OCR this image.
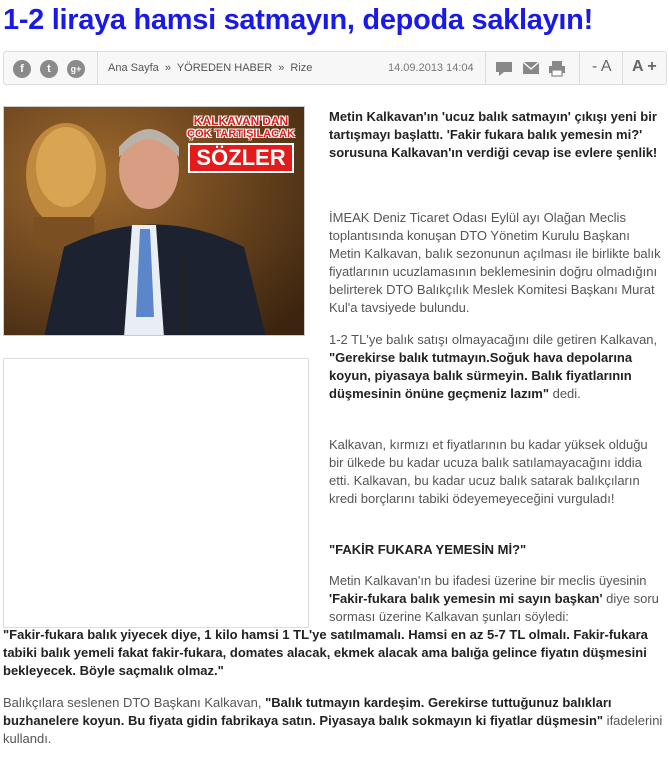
1-2 liraya hamsi satmayın, depoda saklayın!
f	t	g+	Ana Sayfa » YÖREDEN HABER » Rize	14.09.2013 14:04	- A A +
KALKAVAN'DAN
ÇOK TARTIŞILACAK
SÖZLER
Metin Kalkavan'ın 'ucuz balık satmayın' çıkışı yeni bir tartışmayı başlattı. 'Fakir fukara balık yemesin mi?' sorusuna Kalkavan'ın verdiği cevap ise evlere şenlik!
İMEAK Deniz Ticaret Odası Eylül ayı Olağan Meclis toplantısında konuşan DTO Yönetim Kurulu Başkanı Metin Kalkavan, balık sezonunun açılması ile birlikte balık fiyatlarının ucuzlamasının beklemesinin doğru olmadığını belirterek DTO Balıkçılık Meslek Komitesi Başkanı Murat Kul'a tavsiyede bulundu.
1-2 TL'ye balık satışı olmayacağını dile getiren Kalkavan, "Gerekirse balık tutmayın.Soğuk hava depolarına koyun, piyasaya balık sürmeyin. Balık fiyatlarının düşmesinin önüne geçmeniz lazım" dedi.
Kalkavan, kırmızı et fiyatlarının bu kadar yüksek olduğu bir ülkede bu kadar ucuza balık satılamayacağını iddia etti. Kalkavan, bu kadar ucuz balık satarak balıkçıların kredi borçlarını tabiki ödeyemeyeceğini vurguladı!
"FAKİR FUKARA YEMESİN Mİ?"
Metin Kalkavan'ın bu ifadesi üzerine bir meclis üyesinin 'Fakir-fukara balık yemesin mi sayın başkan' diye soru sorması üzerine Kalkavan şunları söyledi:
"Fakir-fukara balık yiyecek diye, 1 kilo hamsi 1 TL'ye satılmamalı. Hamsi en az 5-7 TL olmalı. Fakir-fukara tabiki balık yemeli fakat fakir-fukara, domates alacak, ekmek alacak ama balığa gelince fiyatın düşmesini bekleyecek. Böyle saçmalık olmaz."
Balıkçılara seslenen DTO Başkanı Kalkavan, "Balık tutmayın kardeşim. Gerekirse tuttuğunuz balıkları buzhanelere koyun. Bu fiyata gidin fabrikaya satın. Piyasaya balık sokmayın ki fiyatlar düşmesin" ifadelerini kullandı.
